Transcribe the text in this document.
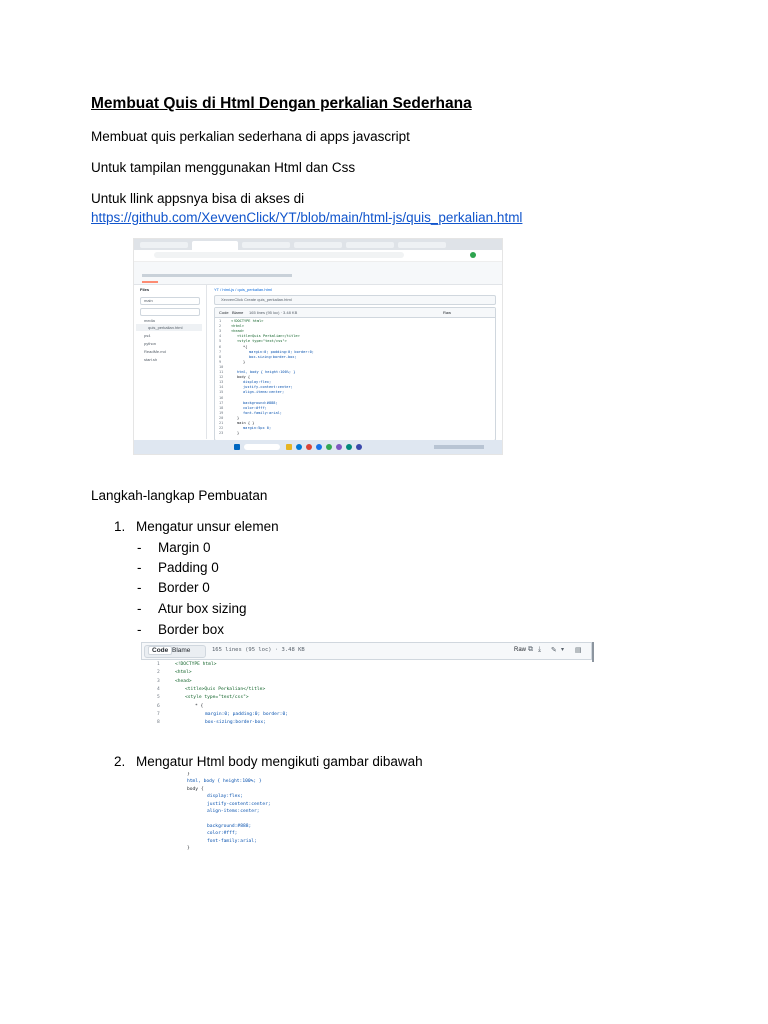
Membuat Quis di Html Dengan perkalian Sederhana
Membuat quis perkalian sederhana di apps javascript
Untuk tampilan menggunakan Html dan Css
Untuk llink appsnya bisa di akses di
https://github.com/XevvenClick/YT/blob/main/html-js/quis_perkalian.html
Files
main
media
quis_perkalian.html
ps4
python
ReadMe.md
start.sh
YT / html-js / quis_perkalian.html
XevvenClick Create quis_perkalian.html
Code Blame 165 lines (95 loc) · 3.48 KB	Raw
1	<!DOCTYPE html>
2	<html>
3	<head>
4	<title>Quis Perkalian</title>
5	<style type="text/css">
6	*{
7	margin:0; padding:0; border:0;
8	box-sizing:border-box;
9	}
10
11	html, body { height:100%; }
12	body {
13	display:flex;
14	justify-content:center;
15	align-items:center;
16
17	background:#888;
18	color:#fff;
19	font-family:arial;
20	}
21	main { }
22	margin:5px 0;
23	}
Langkah-langkap Pembuatan
1. Mengatur unsur elemen
- Margin 0
- Padding 0
- Border 0
- Atur box sizing
- Border box
Code Blame	165 lines (95 loc) · 3.48 KB	Raw ⧉ ⤓ ✎ ▾ ▤
1	<!DOCTYPE html>
2	<html>
3	<head>
4	<title>Quis Perkalian</title>
5	<style type="text/css">
6	* {
7	margin:0; padding:0; border:0;
8	box-sizing:border-box;
2. Mengatur Html body mengikuti gambar dibawah
}
html, body { height:100%; }
body {
display:flex;
justify-content:center;
align-items:center;
background:#888;
color:#fff;
font-family:arial;
}
